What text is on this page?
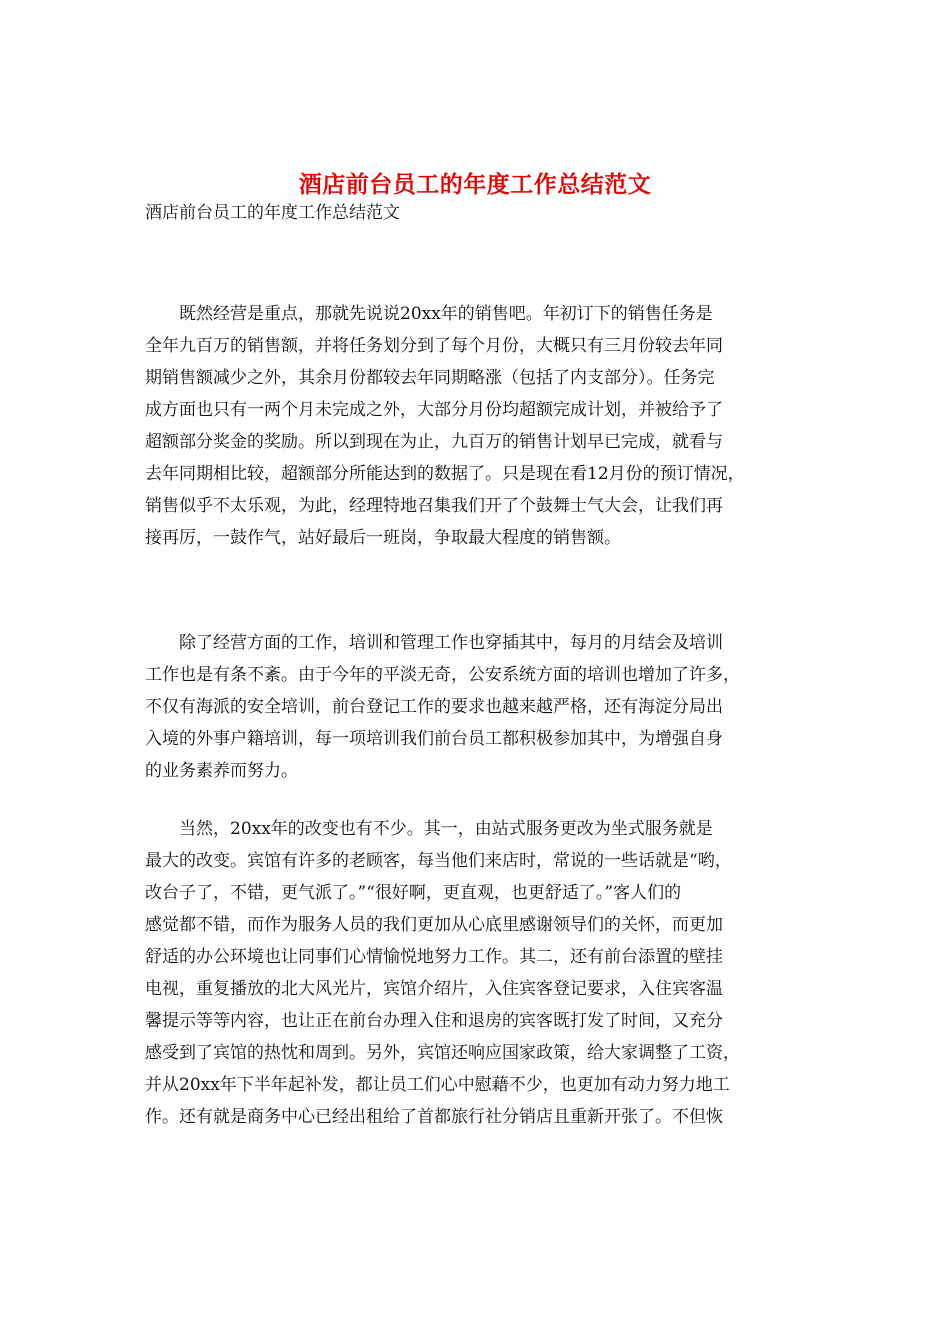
酒店前台员工的年度工作总结范文

酒店前台员工的年度工作总结范文

　　既然经营是重点，那就先说说20xx年的销售吧。年初订下的销售任务是
全年九百万的销售额，并将任务划分到了每个月份，大概只有三月份较去年同
期销售额减少之外，其余月份都较去年同期略涨（包括了内支部分）。任务完
成方面也只有一两个月未完成之外，大部分月份均超额完成计划，并被给予了
超额部分奖金的奖励。所以到现在为止，九百万的销售计划早已完成，就看与
去年同期相比较，超额部分所能达到的数据了。只是现在看12月份的预订情况，
销售似乎不太乐观，为此，经理特地召集我们开了个鼓舞士气大会，让我们再
接再厉，一鼓作气，站好最后一班岗，争取最大程度的销售额。

　　除了经营方面的工作，培训和管理工作也穿插其中，每月的月结会及培训
工作也是有条不紊。由于今年的平淡无奇，公安系统方面的培训也增加了许多，
不仅有海派的安全培训，前台登记工作的要求也越来越严格，还有海淀分局出
入境的外事户籍培训，每一项培训我们前台员工都积极参加其中，为增强自身
的业务素养而努力。

　　当然，20xx年的改变也有不少。其一，由站式服务更改为坐式服务就是
最大的改变。宾馆有许多的老顾客，每当他们来店时，常说的一些话就是“哟，
改台子了，不错，更气派了。”“很好啊，更直观，也更舒适了。”客人们的
感觉都不错，而作为服务人员的我们更加从心底里感谢领导们的关怀，而更加
舒适的办公环境也让同事们心情愉悦地努力工作。其二，还有前台添置的壁挂
电视，重复播放的北大风光片，宾馆介绍片，入住宾客登记要求，入住宾客温
馨提示等等内容，也让正在前台办理入住和退房的宾客既打发了时间，又充分
感受到了宾馆的热忱和周到。另外，宾馆还响应国家政策，给大家调整了工资，
并从20xx年下半年起补发，都让员工们心中慰藉不少，也更加有动力努力地工
作。还有就是商务中心已经出租给了首都旅行社分销店且重新开张了。不但恢
